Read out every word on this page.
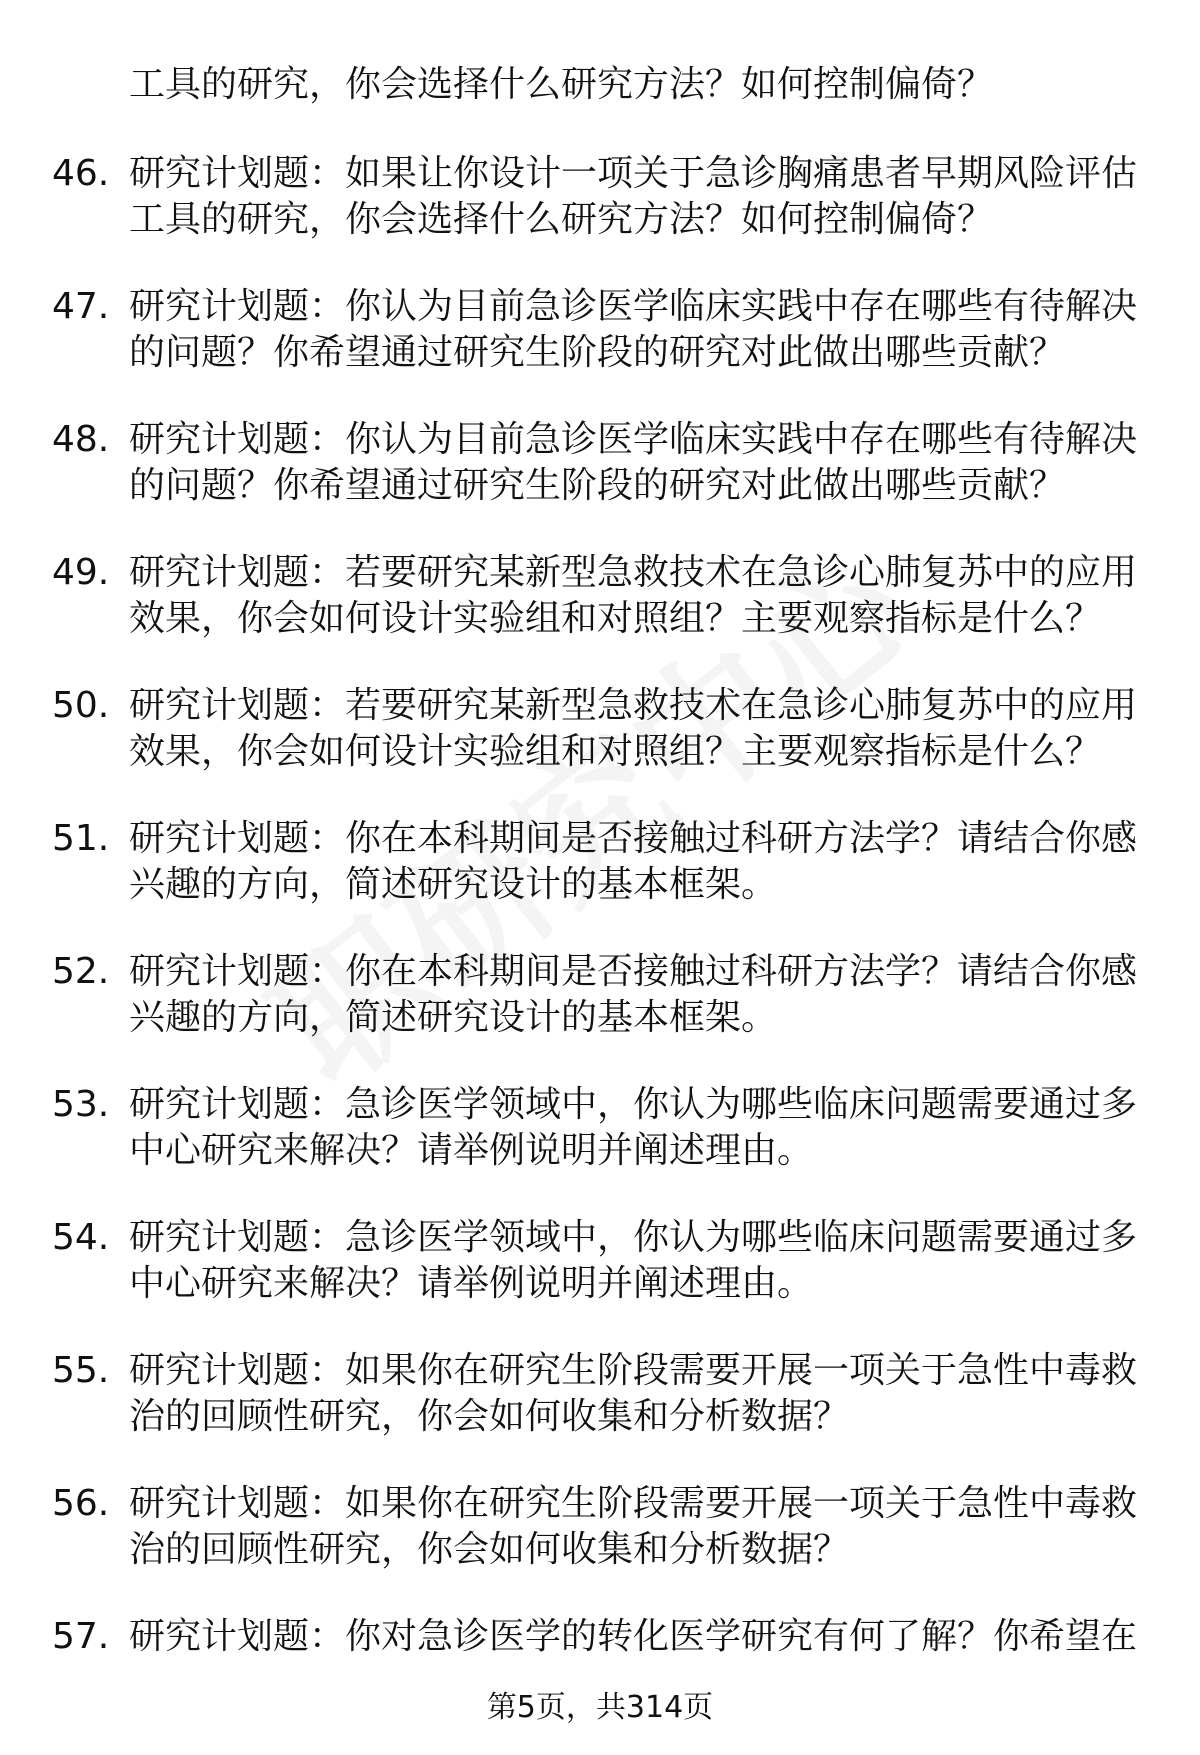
工具的研究，你会选择什么研究方法？如何控制偏倚？

46. 研究计划题：如果让你设计一项关于急诊胸痛患者早期风险评估工具的研究，你会选择什么研究方法？如何控制偏倚？

47. 研究计划题：你认为目前急诊医学临床实践中存在哪些有待解决的问题？你希望通过研究生阶段的研究对此做出哪些贡献？

48. 研究计划题：你认为目前急诊医学临床实践中存在哪些有待解决的问题？你希望通过研究生阶段的研究对此做出哪些贡献？

49. 研究计划题：若要研究某新型急救技术在急诊心肺复苏中的应用效果，你会如何设计实验组和对照组？主要观察指标是什么？

50. 研究计划题：若要研究某新型急救技术在急诊心肺复苏中的应用效果，你会如何设计实验组和对照组？主要观察指标是什么？

51. 研究计划题：你在本科期间是否接触过科研方法学？请结合你感兴趣的方向，简述研究设计的基本框架。

52. 研究计划题：你在本科期间是否接触过科研方法学？请结合你感兴趣的方向，简述研究设计的基本框架。

53. 研究计划题：急诊医学领域中，你认为哪些临床问题需要通过多中心研究来解决？请举例说明并阐述理由。

54. 研究计划题：急诊医学领域中，你认为哪些临床问题需要通过多中心研究来解决？请举例说明并阐述理由。

55. 研究计划题：如果你在研究生阶段需要开展一项关于急性中毒救治的回顾性研究，你会如何收集和分析数据？

56. 研究计划题：如果你在研究生阶段需要开展一项关于急性中毒救治的回顾性研究，你会如何收集和分析数据？

57. 研究计划题：你对急诊医学的转化医学研究有何了解？你希望在

第5页，共314页
